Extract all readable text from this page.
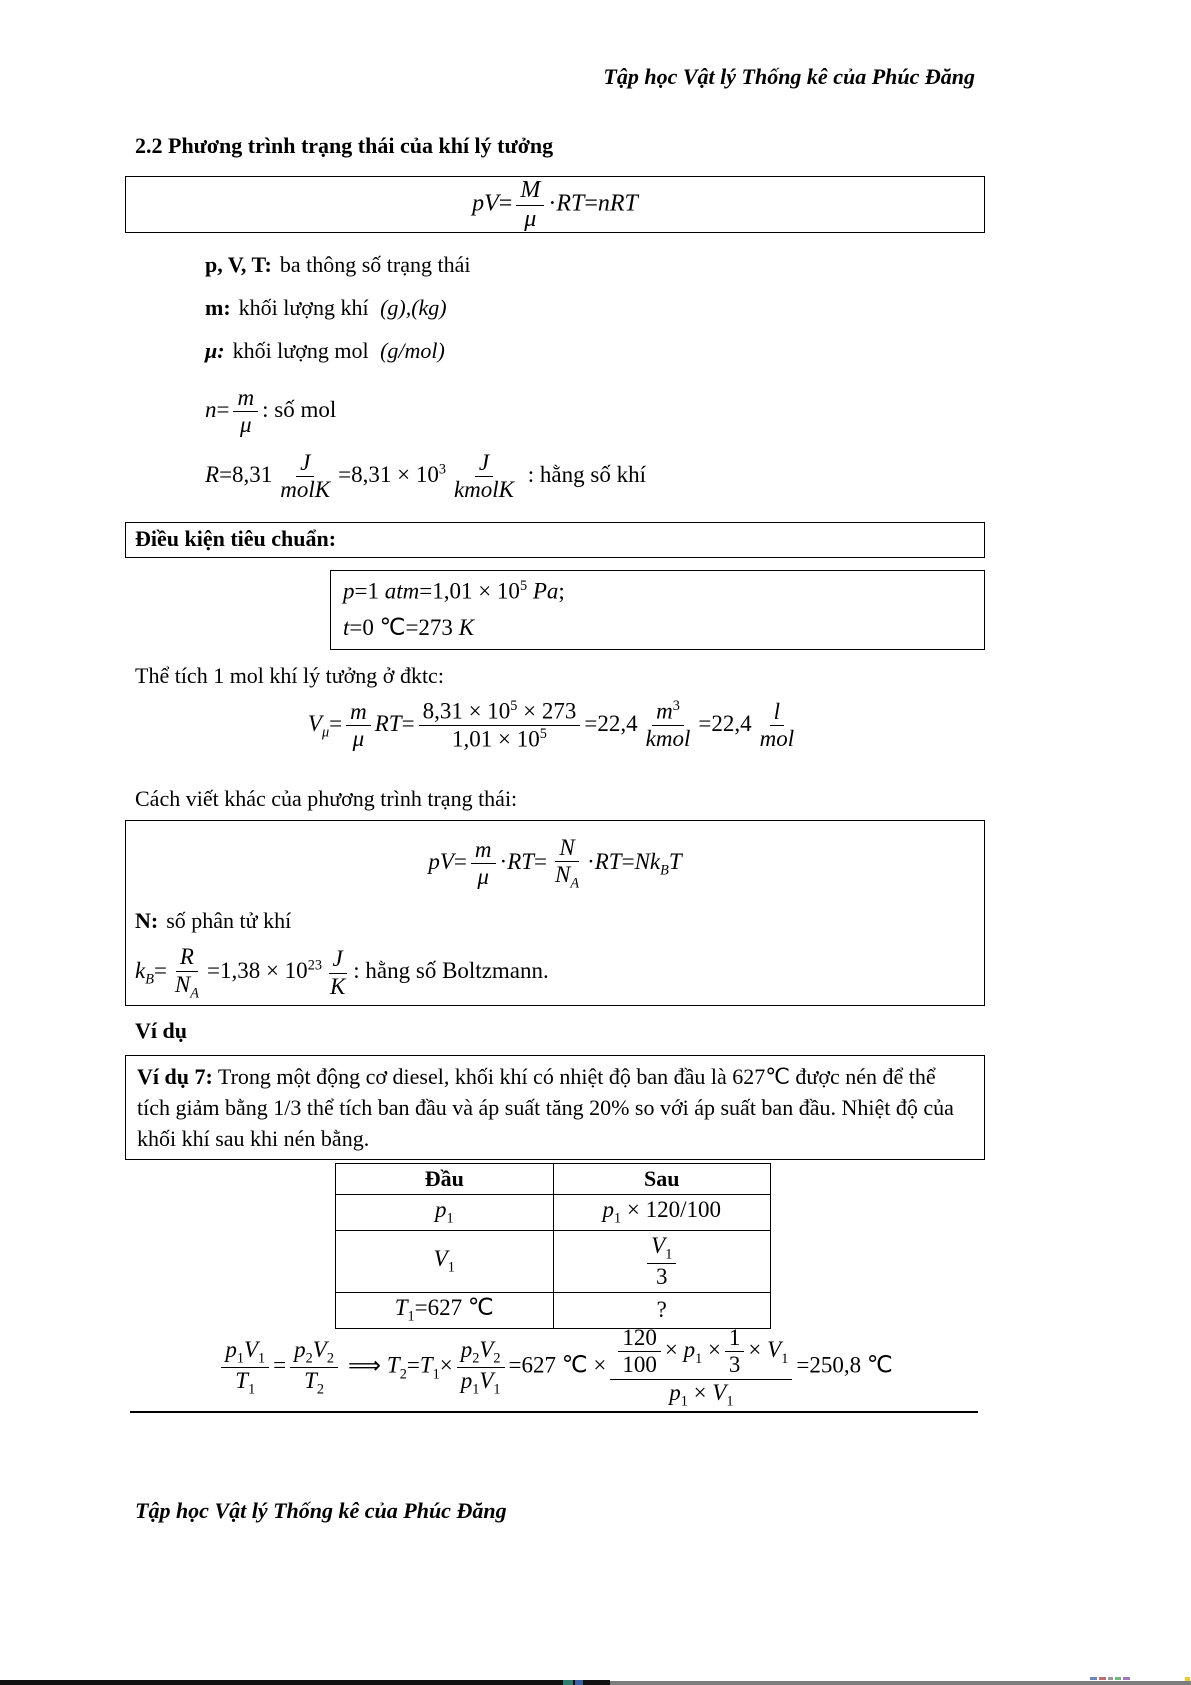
Tập học Vật lý Thống kê của Phúc Đăng
2.2 Phương trình trạng thái của khí lý tưởng
$pV= \frac{M}{\mu} \cdot RT=nRT$
p, V, T: ba thông số trạng thái
m: khối lượng khí (g),(kg)
μ: khối lượng mol (g/mol)
$n= \frac{m}{\mu}$ : số mol
$R=8,31 \frac{J}{\text{molK}} =8,31 \times 10^3 \frac{J}{\text{kmolK}}$ : hằng số khí
Điều kiện tiêu chuẩn:
p=1 $atm=1,01 \times 10^5$ Pa;
t=0 ℃=273 K
Thể tích 1 mol khí lý tưởng ở đktc:
$V_\mu= \frac{m}{\mu} RT= \frac{8,31 \times 10^5 \times 273}{1,01 \times 10^5} =22,4 \frac{m^3}{\text{kmol}} =22,4 \frac{l}{\text{mol}}$
Cách viết khác của phương trình trạng thái:
$pV= \frac{m}{\mu} \cdot RT= \frac{N}{N_A} \cdot RT=Nk_BT$
N: số phân tử khí
$k_B= \frac{R}{N_A} =1,38 \times 10^{23} \frac{J}{K}$ : hằng số Boltzmann.
Ví dụ
Ví dụ 7: Trong một động cơ diesel, khối khí có nhiệt độ ban đầu là 627℃ được nén để thể tích giảm bằng 1/3 thể tích ban đầu và áp suất tăng 20% so với áp suất ban đầu. Nhiệt độ của khối khí sau khi nén bằng.
Đầu	Sau
$p_1$	$p_1 \times 120/100$
$V_1$	$\frac{V_1}{3}$

$T_1=627$ ℃	?
$\frac{p_1V_1}{T_1} = \frac{p_2V_2}{T_2}$ ⟹ $T_2=T_1\times \frac{p_2V_2}{p_1V_1} =627$ ℃ × $\frac{\frac{120}{100} \times p_1 \times \frac{1}{3} \times V_1}{p_1 \times V_1} =250,8$ ℃
Tập học Vật lý Thống kê của Phúc Đăng
